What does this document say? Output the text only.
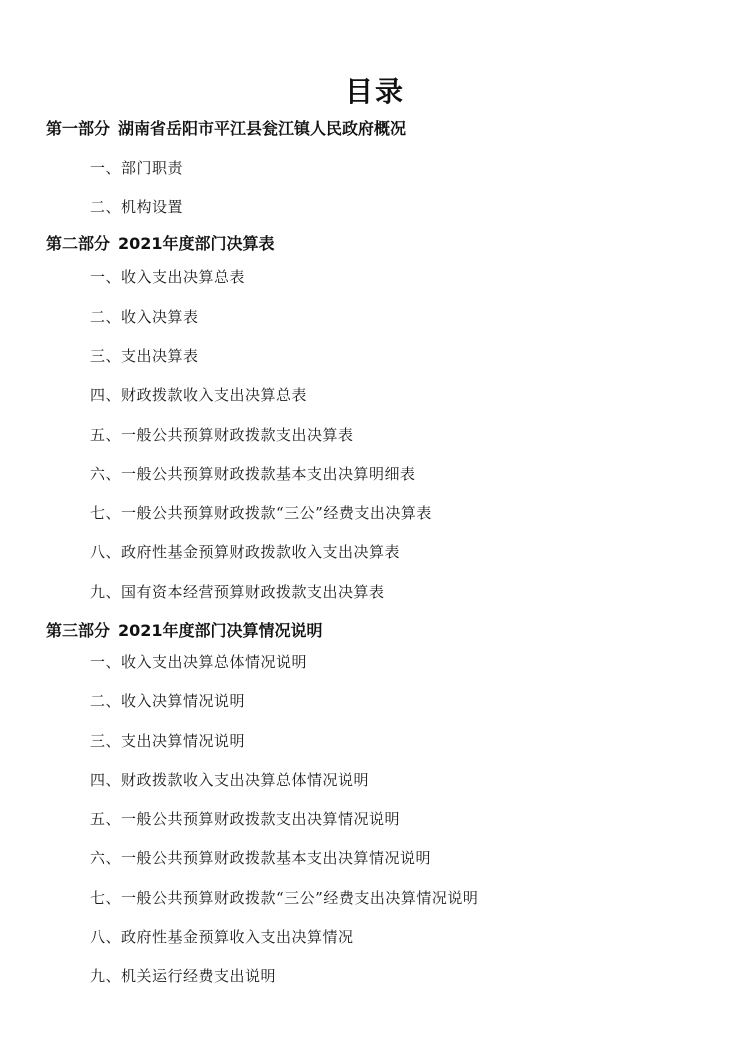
目录
第一部分 湖南省岳阳市平江县瓮江镇人民政府概况
一、部门职责
二、机构设置
第二部分 2021年度部门决算表
一、收入支出决算总表
二、收入决算表
三、支出决算表
四、财政拨款收入支出决算总表
五、一般公共预算财政拨款支出决算表
六、一般公共预算财政拨款基本支出决算明细表
七、一般公共预算财政拨款“三公”经费支出决算表
八、政府性基金预算财政拨款收入支出决算表
九、国有资本经营预算财政拨款支出决算表
第三部分 2021年度部门决算情况说明
一、收入支出决算总体情况说明
二、收入决算情况说明
三、支出决算情况说明
四、财政拨款收入支出决算总体情况说明
五、一般公共预算财政拨款支出决算情况说明
六、一般公共预算财政拨款基本支出决算情况说明
七、一般公共预算财政拨款“三公”经费支出决算情况说明
八、政府性基金预算收入支出决算情况
九、机关运行经费支出说明
